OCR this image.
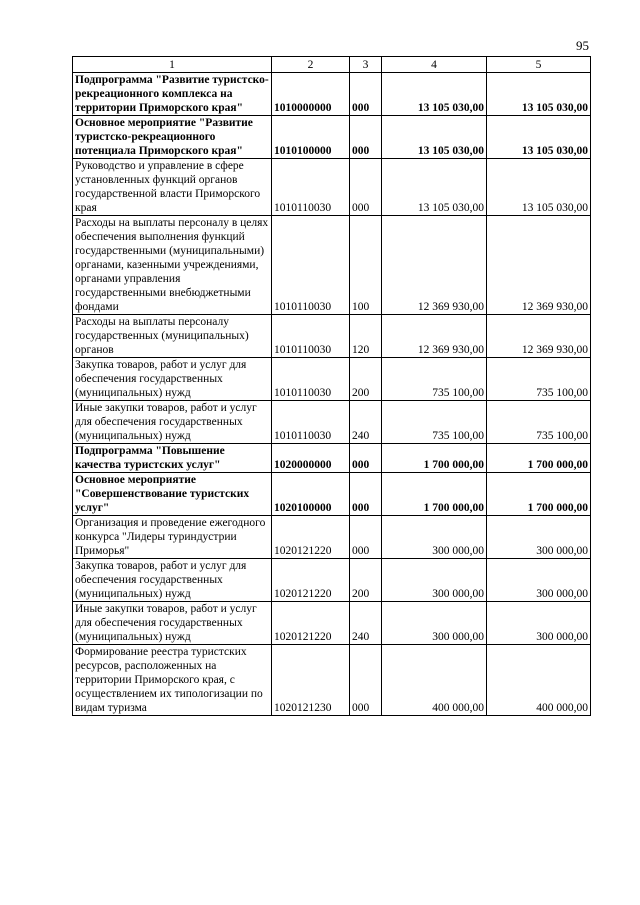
95
1	2	3	4	5
Подпрограмма "Развитие туристско-рекреационного комплекса на территории Приморского края"	1010000000	000	13 105 030,00	13 105 030,00
Основное мероприятие "Развитие туристско-рекреационного потенциала Приморского края"	1010100000	000	13 105 030,00	13 105 030,00
Руководство и управление в сфере установленных функций органов государственной власти Приморского края	1010110030	000	13 105 030,00	13 105 030,00
Расходы на выплаты персоналу в целях обеспечения выполнения функций государственными (муниципальными) органами, казенными учреждениями, органами управления государственными внебюджетными фондами	1010110030	100	12 369 930,00	12 369 930,00
Расходы на выплаты персоналу государственных (муниципальных) органов	1010110030	120	12 369 930,00	12 369 930,00
Закупка товаров, работ и услуг для обеспечения государственных (муниципальных) нужд	1010110030	200	735 100,00	735 100,00
Иные закупки товаров, работ и услуг для обеспечения государственных (муниципальных) нужд	1010110030	240	735 100,00	735 100,00
Подпрограмма "Повышение качества туристских услуг"	1020000000	000	1 700 000,00	1 700 000,00
Основное мероприятие "Совершенствование туристских услуг"	1020100000	000	1 700 000,00	1 700 000,00
Организация и проведение ежегодного конкурса "Лидеры туриндустрии Приморья"	1020121220	000	300 000,00	300 000,00
Закупка товаров, работ и услуг для обеспечения государственных (муниципальных) нужд	1020121220	200	300 000,00	300 000,00
Иные закупки товаров, работ и услуг для обеспечения государственных (муниципальных) нужд	1020121220	240	300 000,00	300 000,00
Формирование реестра туристских ресурсов, расположенных на территории Приморского края, с осуществлением их типологизации по видам туризма	1020121230	000	400 000,00	400 000,00
